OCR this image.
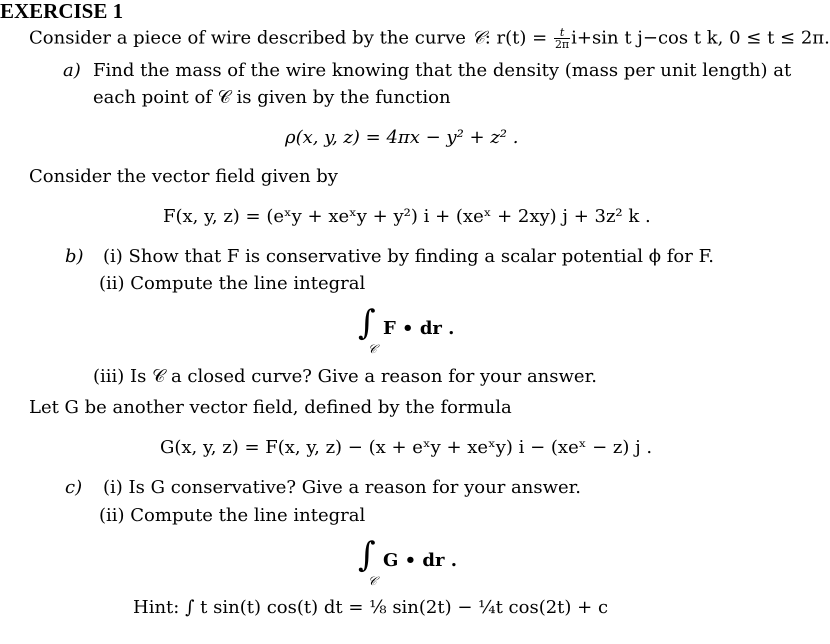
EXERCISE 1
Consider a piece of wire described by the curve 𝒞: $r(t) = \frac{t}{2\pi} i+\sin$ t j−cos t k, 0 ≤ t ≤ 2π.
a) Find the mass of the wire knowing that the density (mass per unit length) at
each point of 𝒞 is given by the function
ρ(x, y, z) = 4πx − y² + z² .
Consider the vector field given by
F(x, y, z) = (eˣy + xeˣy + y²) i + (xeˣ + 2xy) j + 3z² k .
b) (i) Show that F is conservative by finding a scalar potential ϕ for F.
(ii) Compute the line integral
∫
𝒞
F • dr .
(iii) Is 𝒞 a closed curve? Give a reason for your answer.
Let G be another vector field, defined by the formula
G(x, y, z) = F(x, y, z) − (x + eˣy + xeˣy) i − (xeˣ − z) j .
c) (i) Is G conservative? Give a reason for your answer.
(ii) Compute the line integral
∫
𝒞
G • dr .
Hint: ∫ t sin(t) cos(t) dt = ⅛ sin(2t) − ¼t cos(2t) + c
